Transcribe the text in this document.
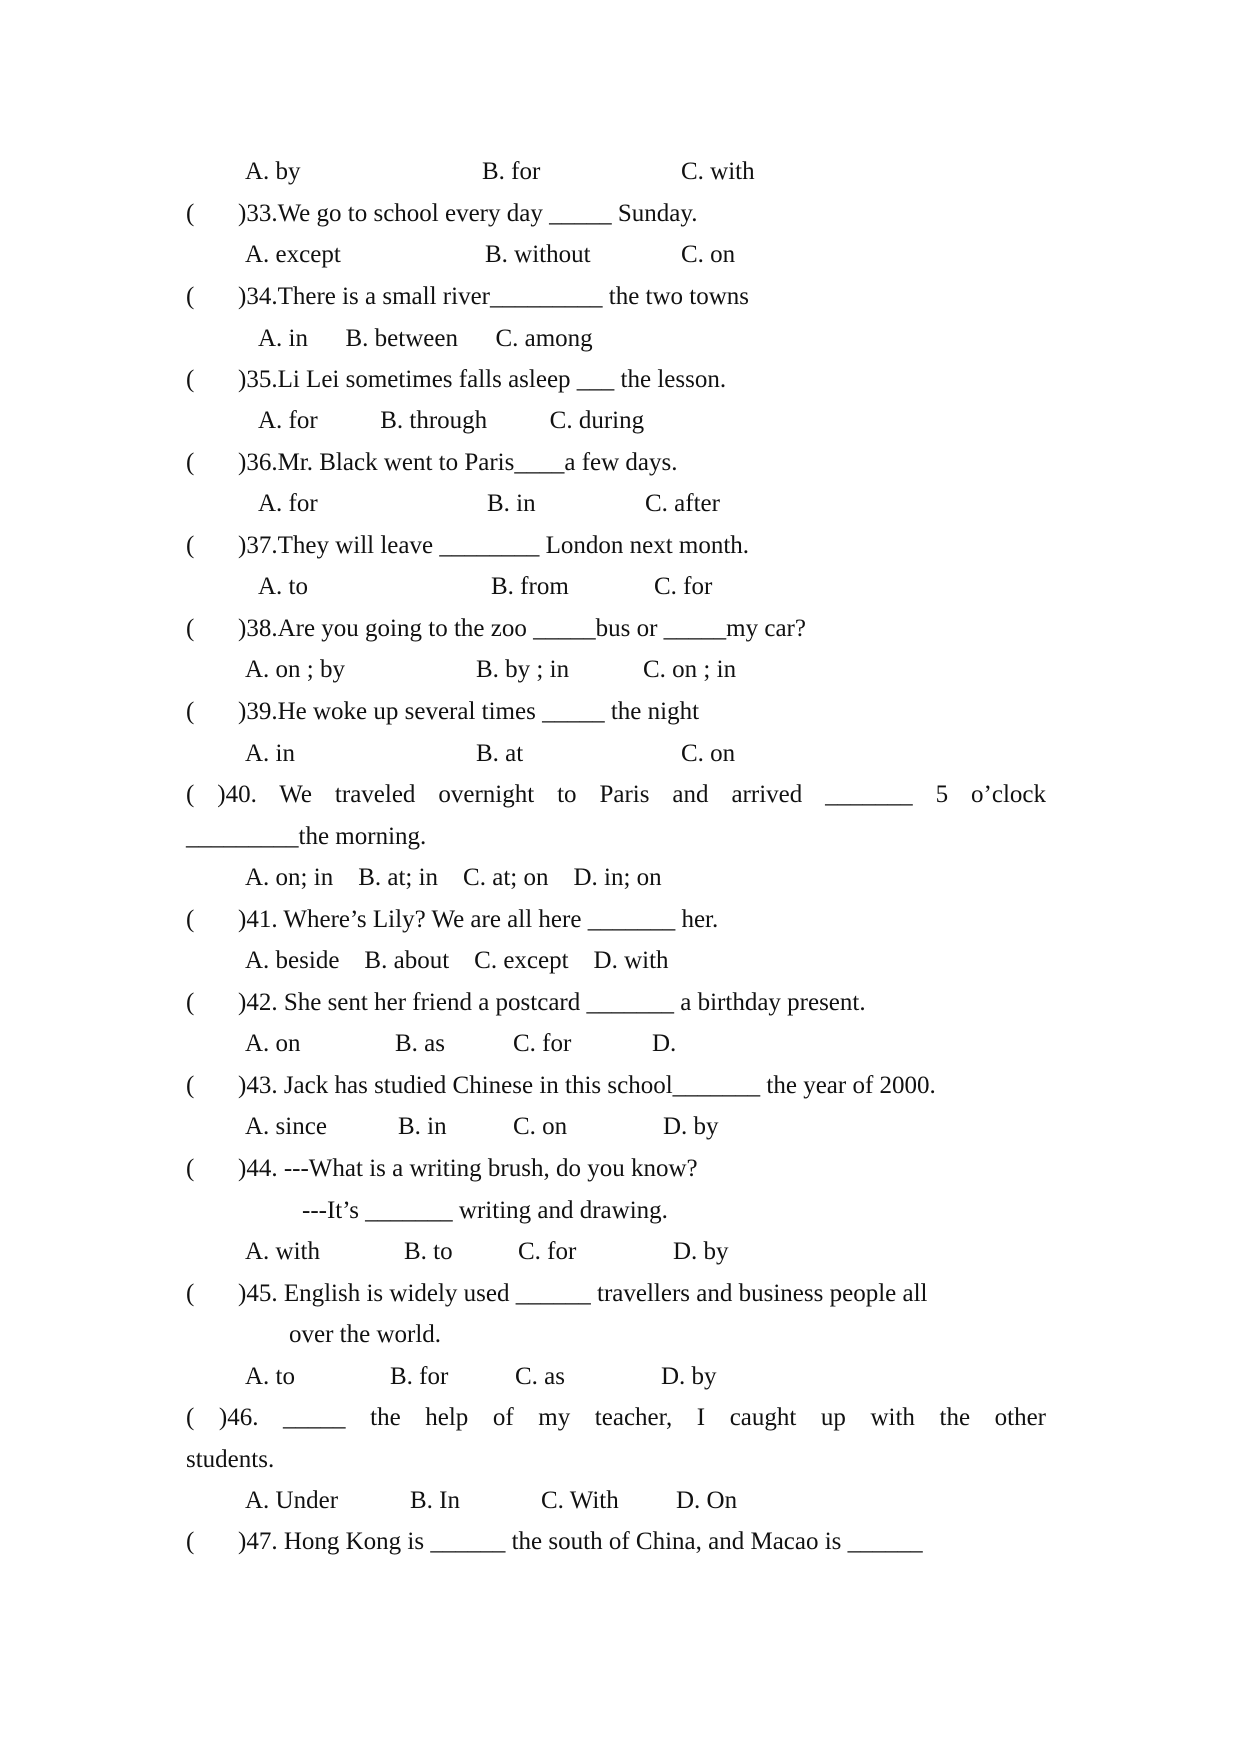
A. by	B. for	C. with
( )33.We go to school every day _____ Sunday.
A. except	B. without	C. on
( )34.There is a small river_________ the two towns
A. in      B. between      C. among
( )35.Li Lei sometimes falls asleep ___ the lesson.
A. for          B. through          C. during
( )36.Mr. Black went to Paris____a few days.
A. for	B. in	C. after
( )37.They will leave ________ London next month.
A. to	B. from	C. for
( )38.Are you going to the zoo _____bus or _____my car?
A. on ; by	B. by ; in	C. on ; in
( )39.He woke up several times _____ the night
A. in	B. at	C. on
( )40. We traveled overnight to Paris and arrived _______ 5 o’clock
_________the morning.
A. on; in    B. at; in    C. at; on    D. in; on
( )41. Where’s Lily? We are all here _______ her.
A. beside    B. about    C. except    D. with
( )42. She sent her friend a postcard _______ a birthday present.
A. on	B. as	C. for	D.
( )43. Jack has studied Chinese in this school_______ the year of 2000.
A. since	B. in	C. on	D. by
( )44. ---What is a writing brush, do you know?
---It’s _______ writing and drawing.
A. with	B. to	C. for	D. by
( )45. English is widely used ______ travellers and business people all
over the world.
A. to	B. for	C. as	D. by
( )46. _____ the help of my teacher, I caught up with the other
students.
A. Under	B. In	C. With D. On
( )47. Hong Kong is ______ the south of China, and Macao is ______
